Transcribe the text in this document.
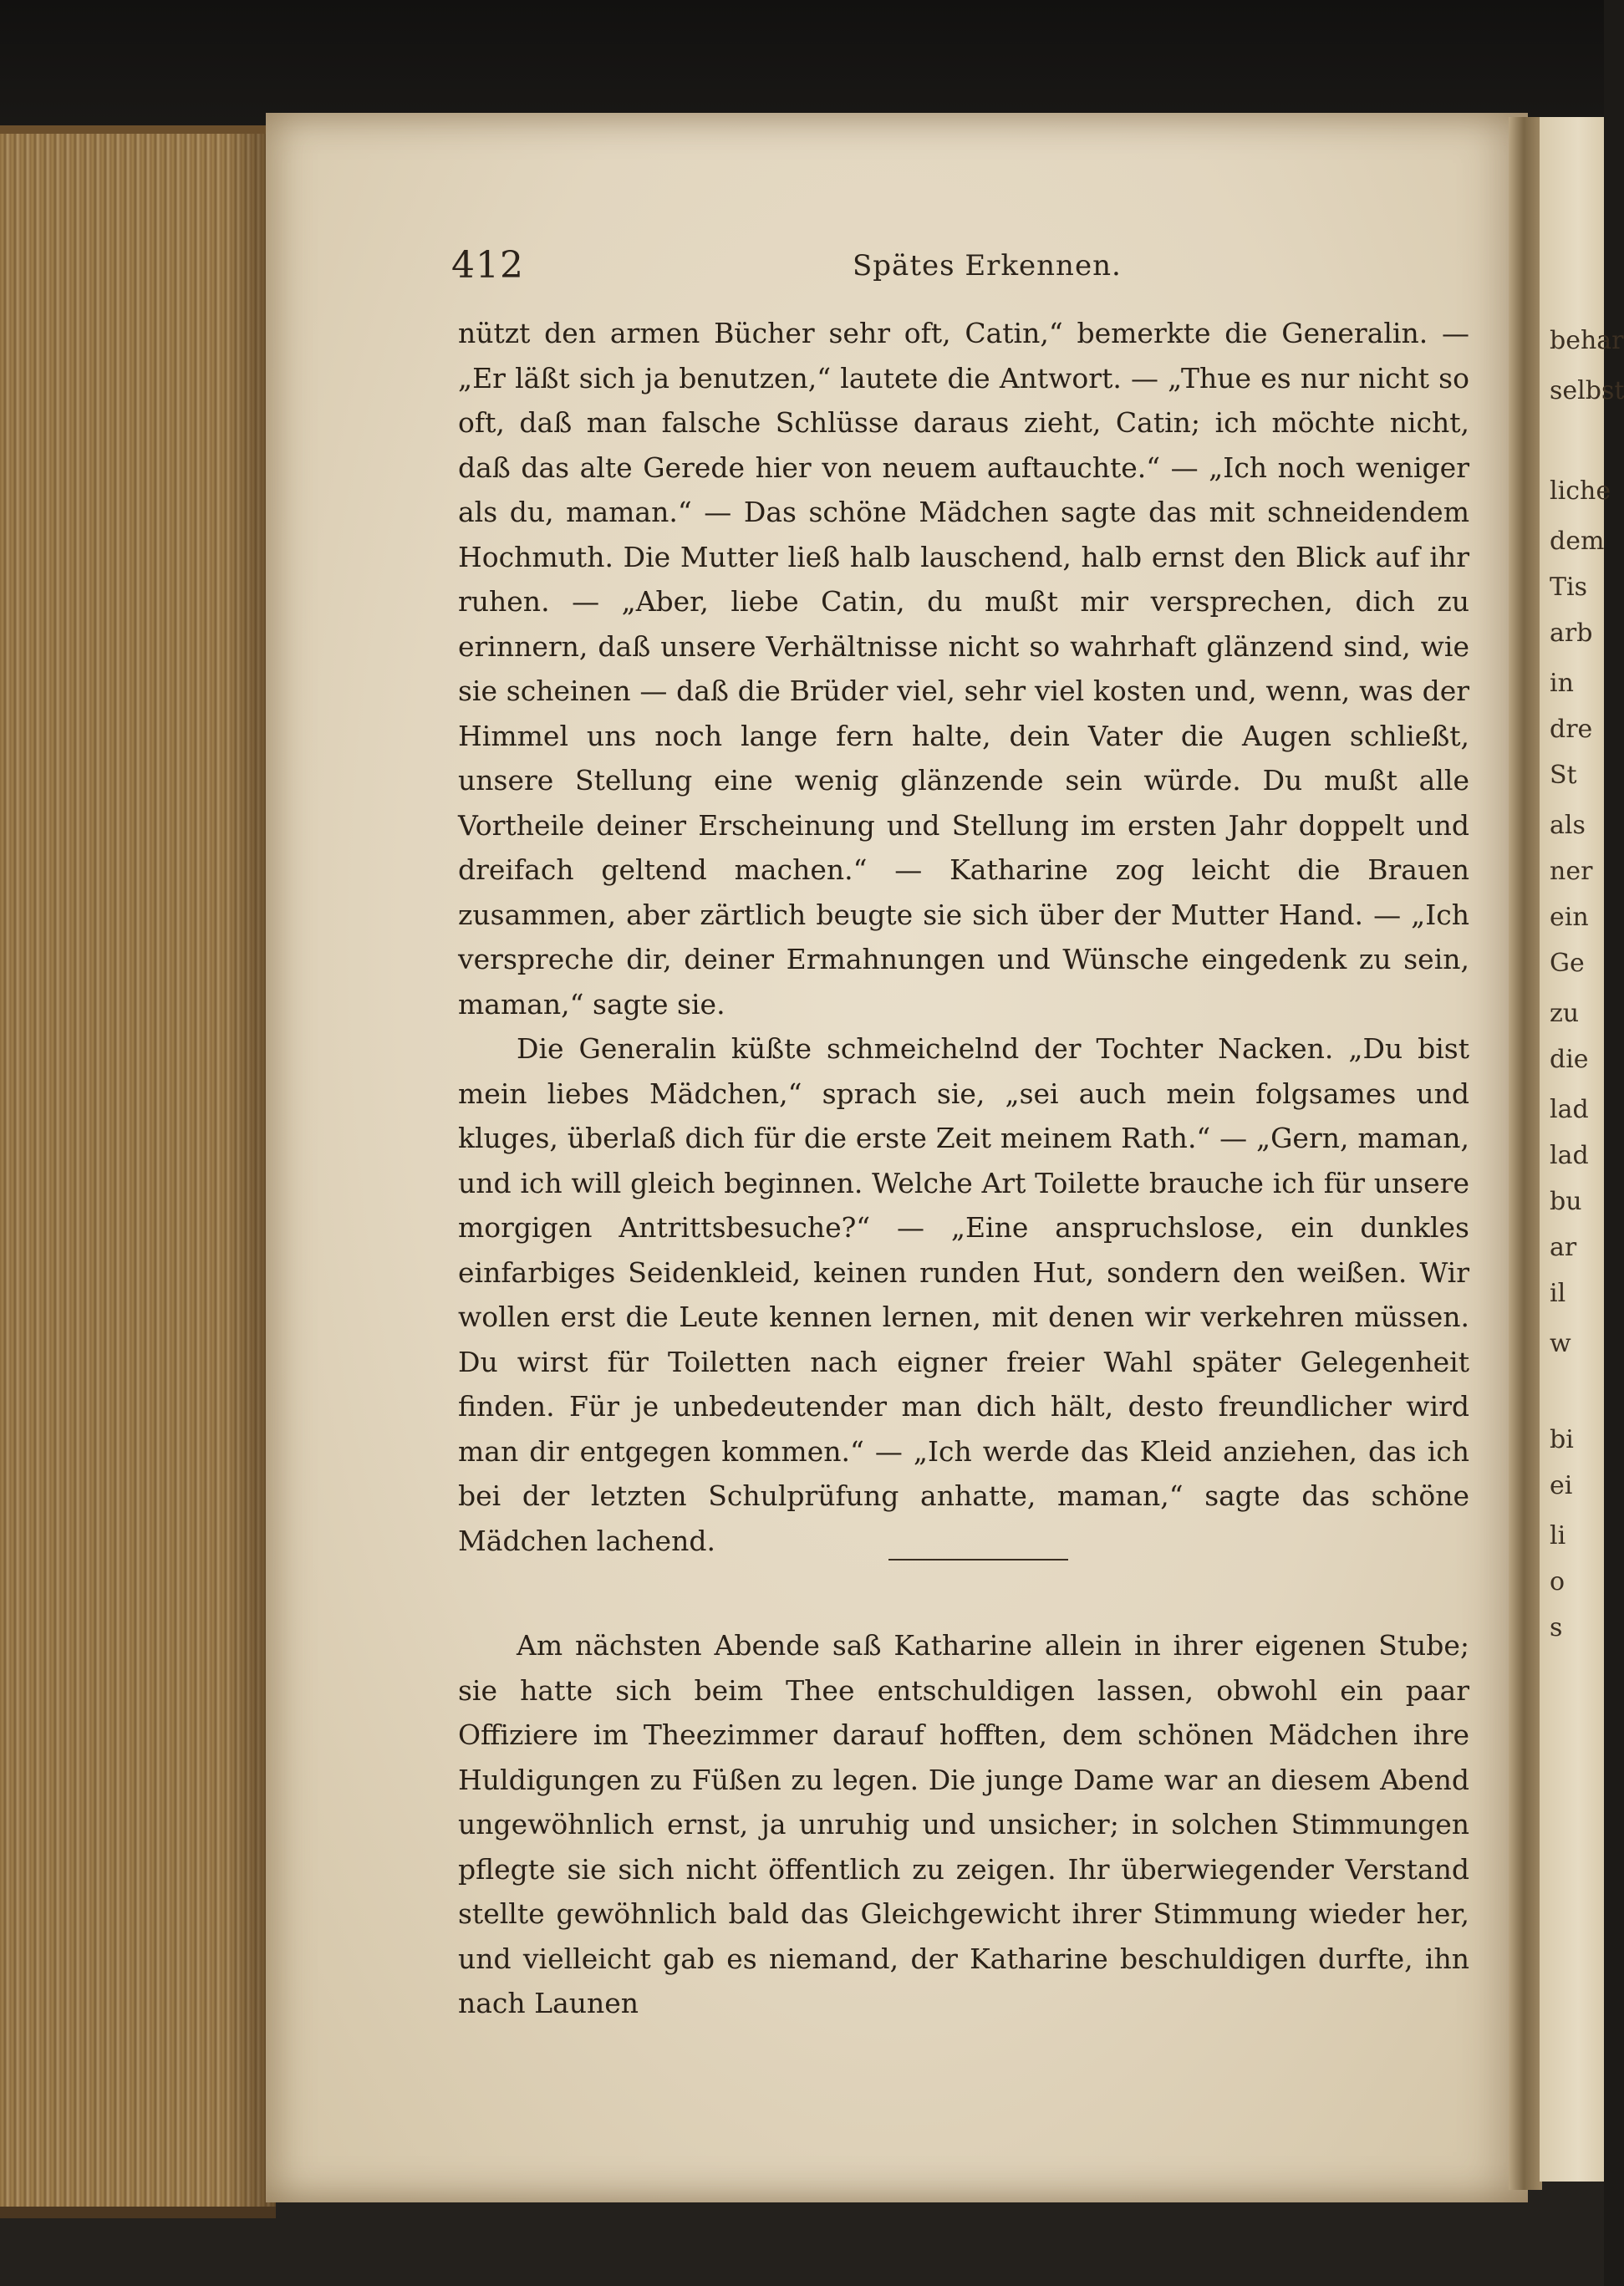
behar
selbst
liche
dem
Tis
arb
in
dre
St
als
ner
ein
Ge
zu
die
lad
lad
bu
ar
il
w
bi
ei
li
o
s
412	Spätes Erkennen.

nützt den armen Bücher sehr oft, Catin,“ bemerkte die Generalin. — „Er läßt sich ja benutzen,“ lautete die Antwort. — „Thue es nur nicht so oft, daß man falsche Schlüsse daraus zieht, Catin; ich möchte nicht, daß das alte Gerede hier von neuem auftauchte.“ — „Ich noch weniger als du, maman.“ — Das schöne Mädchen sagte das mit schneidendem Hochmuth. Die Mutter ließ halb lauschend, halb ernst den Blick auf ihr ruhen. — „Aber, liebe Catin, du mußt mir versprechen, dich zu erinnern, daß unsere Verhältnisse nicht so wahrhaft glänzend sind, wie sie scheinen — daß die Brüder viel, sehr viel kosten und, wenn, was der Himmel uns noch lange fern halte, dein Vater die Augen schließt, unsere Stellung eine wenig glänzende sein würde. Du mußt alle Vortheile deiner Erscheinung und Stellung im ersten Jahr doppelt und dreifach geltend machen.“ — Katharine zog leicht die Brauen zusammen, aber zärtlich beugte sie sich über der Mutter Hand. — „Ich verspreche dir, deiner Ermahnungen und Wünsche eingedenk zu sein, maman,“ sagte sie.

Die Generalin küßte schmeichelnd der Tochter Nacken. „Du bist mein liebes Mädchen,“ sprach sie, „sei auch mein folgsames und kluges, überlaß dich für die erste Zeit meinem Rath.“ — „Gern, maman, und ich will gleich beginnen. Welche Art Toilette brauche ich für unsere morgigen Antrittsbesuche?“ — „Eine anspruchslose, ein dunkles einfarbiges Seidenkleid, keinen runden Hut, sondern den weißen. Wir wollen erst die Leute kennen lernen, mit denen wir verkehren müssen. Du wirst für Toiletten nach eigner freier Wahl später Gelegenheit finden. Für je unbedeutender man dich hält, desto freundlicher wird man dir entgegen kommen.“ — „Ich werde das Kleid anziehen, das ich bei der letzten Schulprüfung anhatte, maman,“ sagte das schöne Mädchen lachend.

Am nächsten Abende saß Katharine allein in ihrer eigenen Stube; sie hatte sich beim Thee entschuldigen lassen, obwohl ein paar Offiziere im Theezimmer darauf hofften, dem schönen Mädchen ihre Huldigungen zu Füßen zu legen. Die junge Dame war an diesem Abend ungewöhnlich ernst, ja unruhig und unsicher; in solchen Stimmungen pflegte sie sich nicht öffentlich zu zeigen. Ihr überwiegender Verstand stellte gewöhnlich bald das Gleichgewicht ihrer Stimmung wieder her, und vielleicht gab es niemand, der Katharine beschuldigen durfte, ihn nach Launen
